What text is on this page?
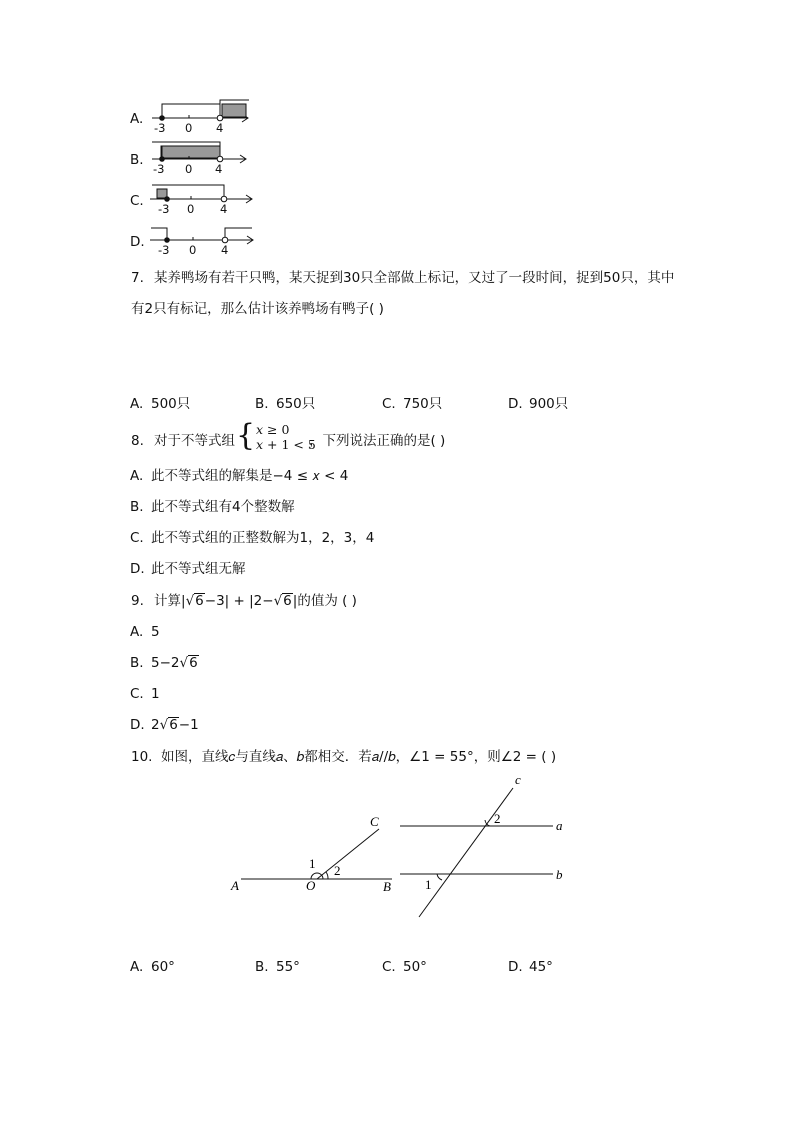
A.
-3 0 4
B.
-3 0 4
C. -3 0 4
D. -3 0 4
7. 某养鸭场有若干只鸭，某天捉到30只全部做上标记，又过了一段时间，捉到50只，其中
有2只有标记，那么估计该养鸭场有鸭子( )
A. 500只	B. 650只	C. 750只	D. 900只
8. 对于不等式组 { 𝑥 ≥ 0
𝑥 + 1 < 5
，下列说法正确的是( )
A. 此不等式组的解集是−4 ≤ 𝑥 < 4
B. 此不等式组有4个整数解
C. 此不等式组的正整数解为1，2，3，4
D. 此不等式组无解
9. 计算|√6−3| + |2−√6|的值为 ( )
A. 5
B. 5−2√6
C. 1
D. 2√6−1
10. 如图，直线𝑐与直线𝑎、𝑏都相交．若𝑎//𝑏，∠1 = 55°，则∠2 = ( )
A	O	B
C
1 2
a
b
c
2
1
A. 60°	B. 55°	C. 50°	D. 45°
